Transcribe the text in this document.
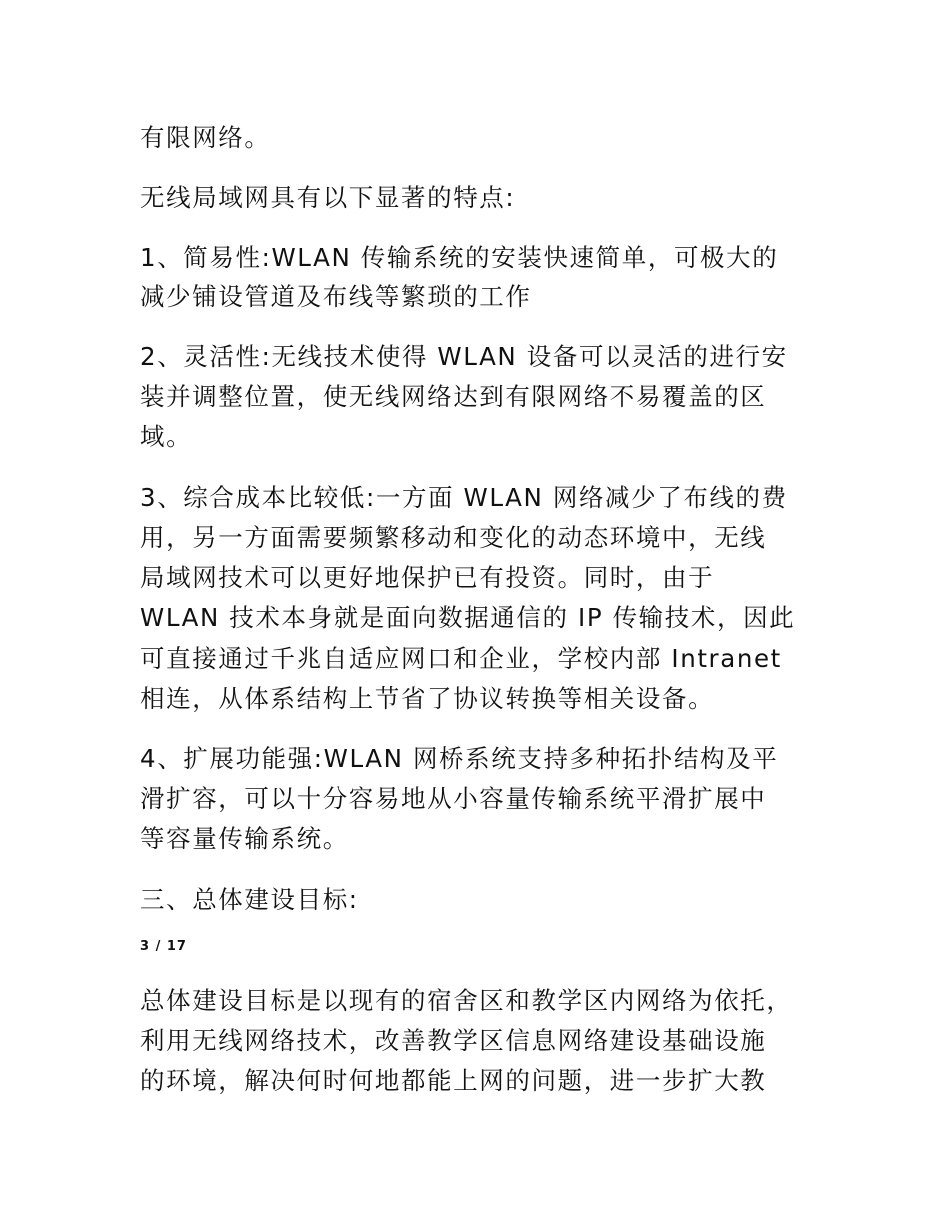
有限网络。
无线局域网具有以下显著的特点:
1、简易性:WLAN 传输系统的安装快速简单，可极大的
减少铺设管道及布线等繁琐的工作
2、灵活性:无线技术使得 WLAN 设备可以灵活的进行安
装并调整位置，使无线网络达到有限网络不易覆盖的区
域。
3、综合成本比较低:一方面 WLAN 网络减少了布线的费
用，另一方面需要频繁移动和变化的动态环境中，无线
局域网技术可以更好地保护已有投资。同时，由于
WLAN 技术本身就是面向数据通信的 IP 传输技术，因此
可直接通过千兆自适应网口和企业，学校内部 Intranet
相连，从体系结构上节省了协议转换等相关设备。
4、扩展功能强:WLAN 网桥系统支持多种拓扑结构及平
滑扩容，可以十分容易地从小容量传输系统平滑扩展中
等容量传输系统。
三、总体建设目标:
3 / 17
总体建设目标是以现有的宿舍区和教学区内网络为依托，
利用无线网络技术，改善教学区信息网络建设基础设施
的环境，解决何时何地都能上网的问题，进一步扩大教
